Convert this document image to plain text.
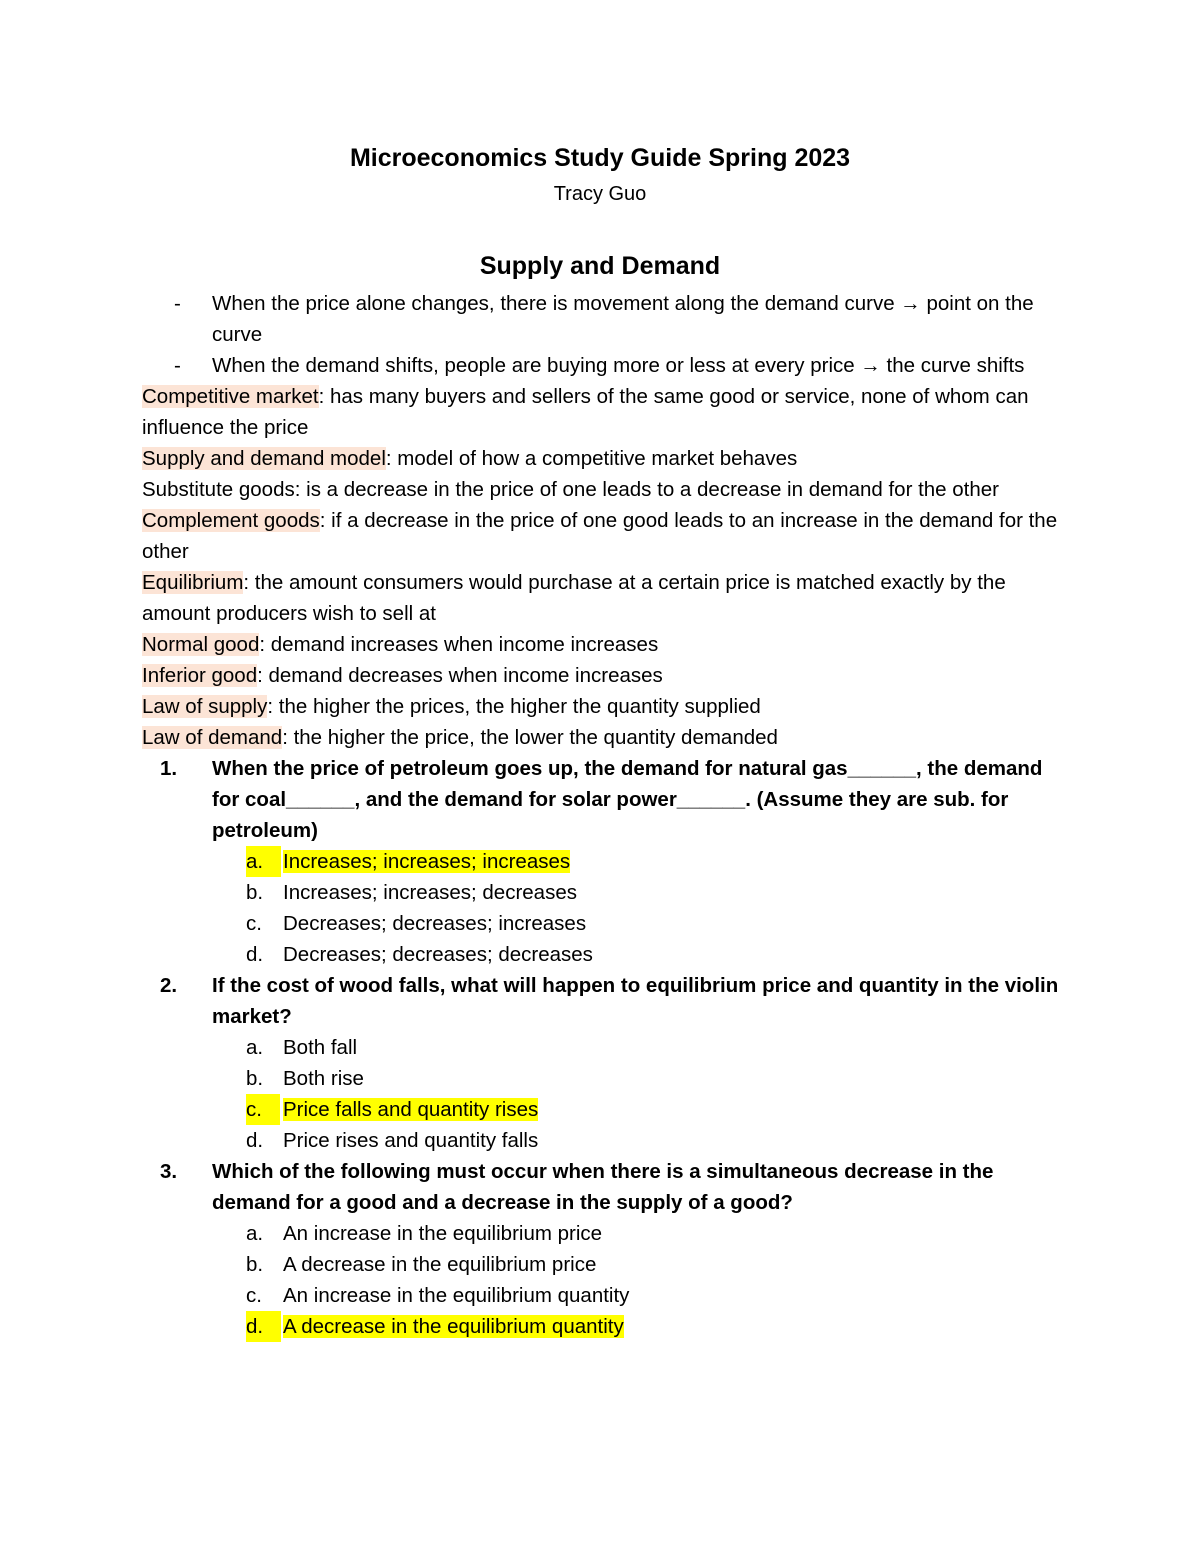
Microeconomics Study Guide Spring 2023
Tracy Guo
Supply and Demand
- When the price alone changes, there is movement along the demand curve → point on the curve
- When the demand shifts, people are buying more or less at every price → the curve shifts
Competitive market: has many buyers and sellers of the same good or service, none of whom can influence the price
Supply and demand model: model of how a competitive market behaves
Substitute goods: is a decrease in the price of one leads to a decrease in demand for the other
Complement goods: if a decrease in the price of one good leads to an increase in the demand for the other
Equilibrium: the amount consumers would purchase at a certain price is matched exactly by the amount producers wish to sell at
Normal good: demand increases when income increases
Inferior good: demand decreases when income increases
Law of supply: the higher the prices, the higher the quantity supplied
Law of demand: the higher the price, the lower the quantity demanded
1. When the price of petroleum goes up, the demand for natural gas______, the demand for coal______, and the demand for solar power______. (Assume they are sub. for petroleum)
a. Increases; increases; increases
b. Increases; increases; decreases
c. Decreases; decreases; increases
d. Decreases; decreases; decreases
2. If the cost of wood falls, what will happen to equilibrium price and quantity in the violin market?
a. Both fall
b. Both rise
c.	Price falls and quantity rises
d. Price rises and quantity falls
3. Which of the following must occur when there is a simultaneous decrease in the demand for a good and a decrease in the supply of a good?
a. An increase in the equilibrium price
b. A decrease in the equilibrium price
c. An increase in the equilibrium quantity
d. A decrease in the equilibrium quantity
